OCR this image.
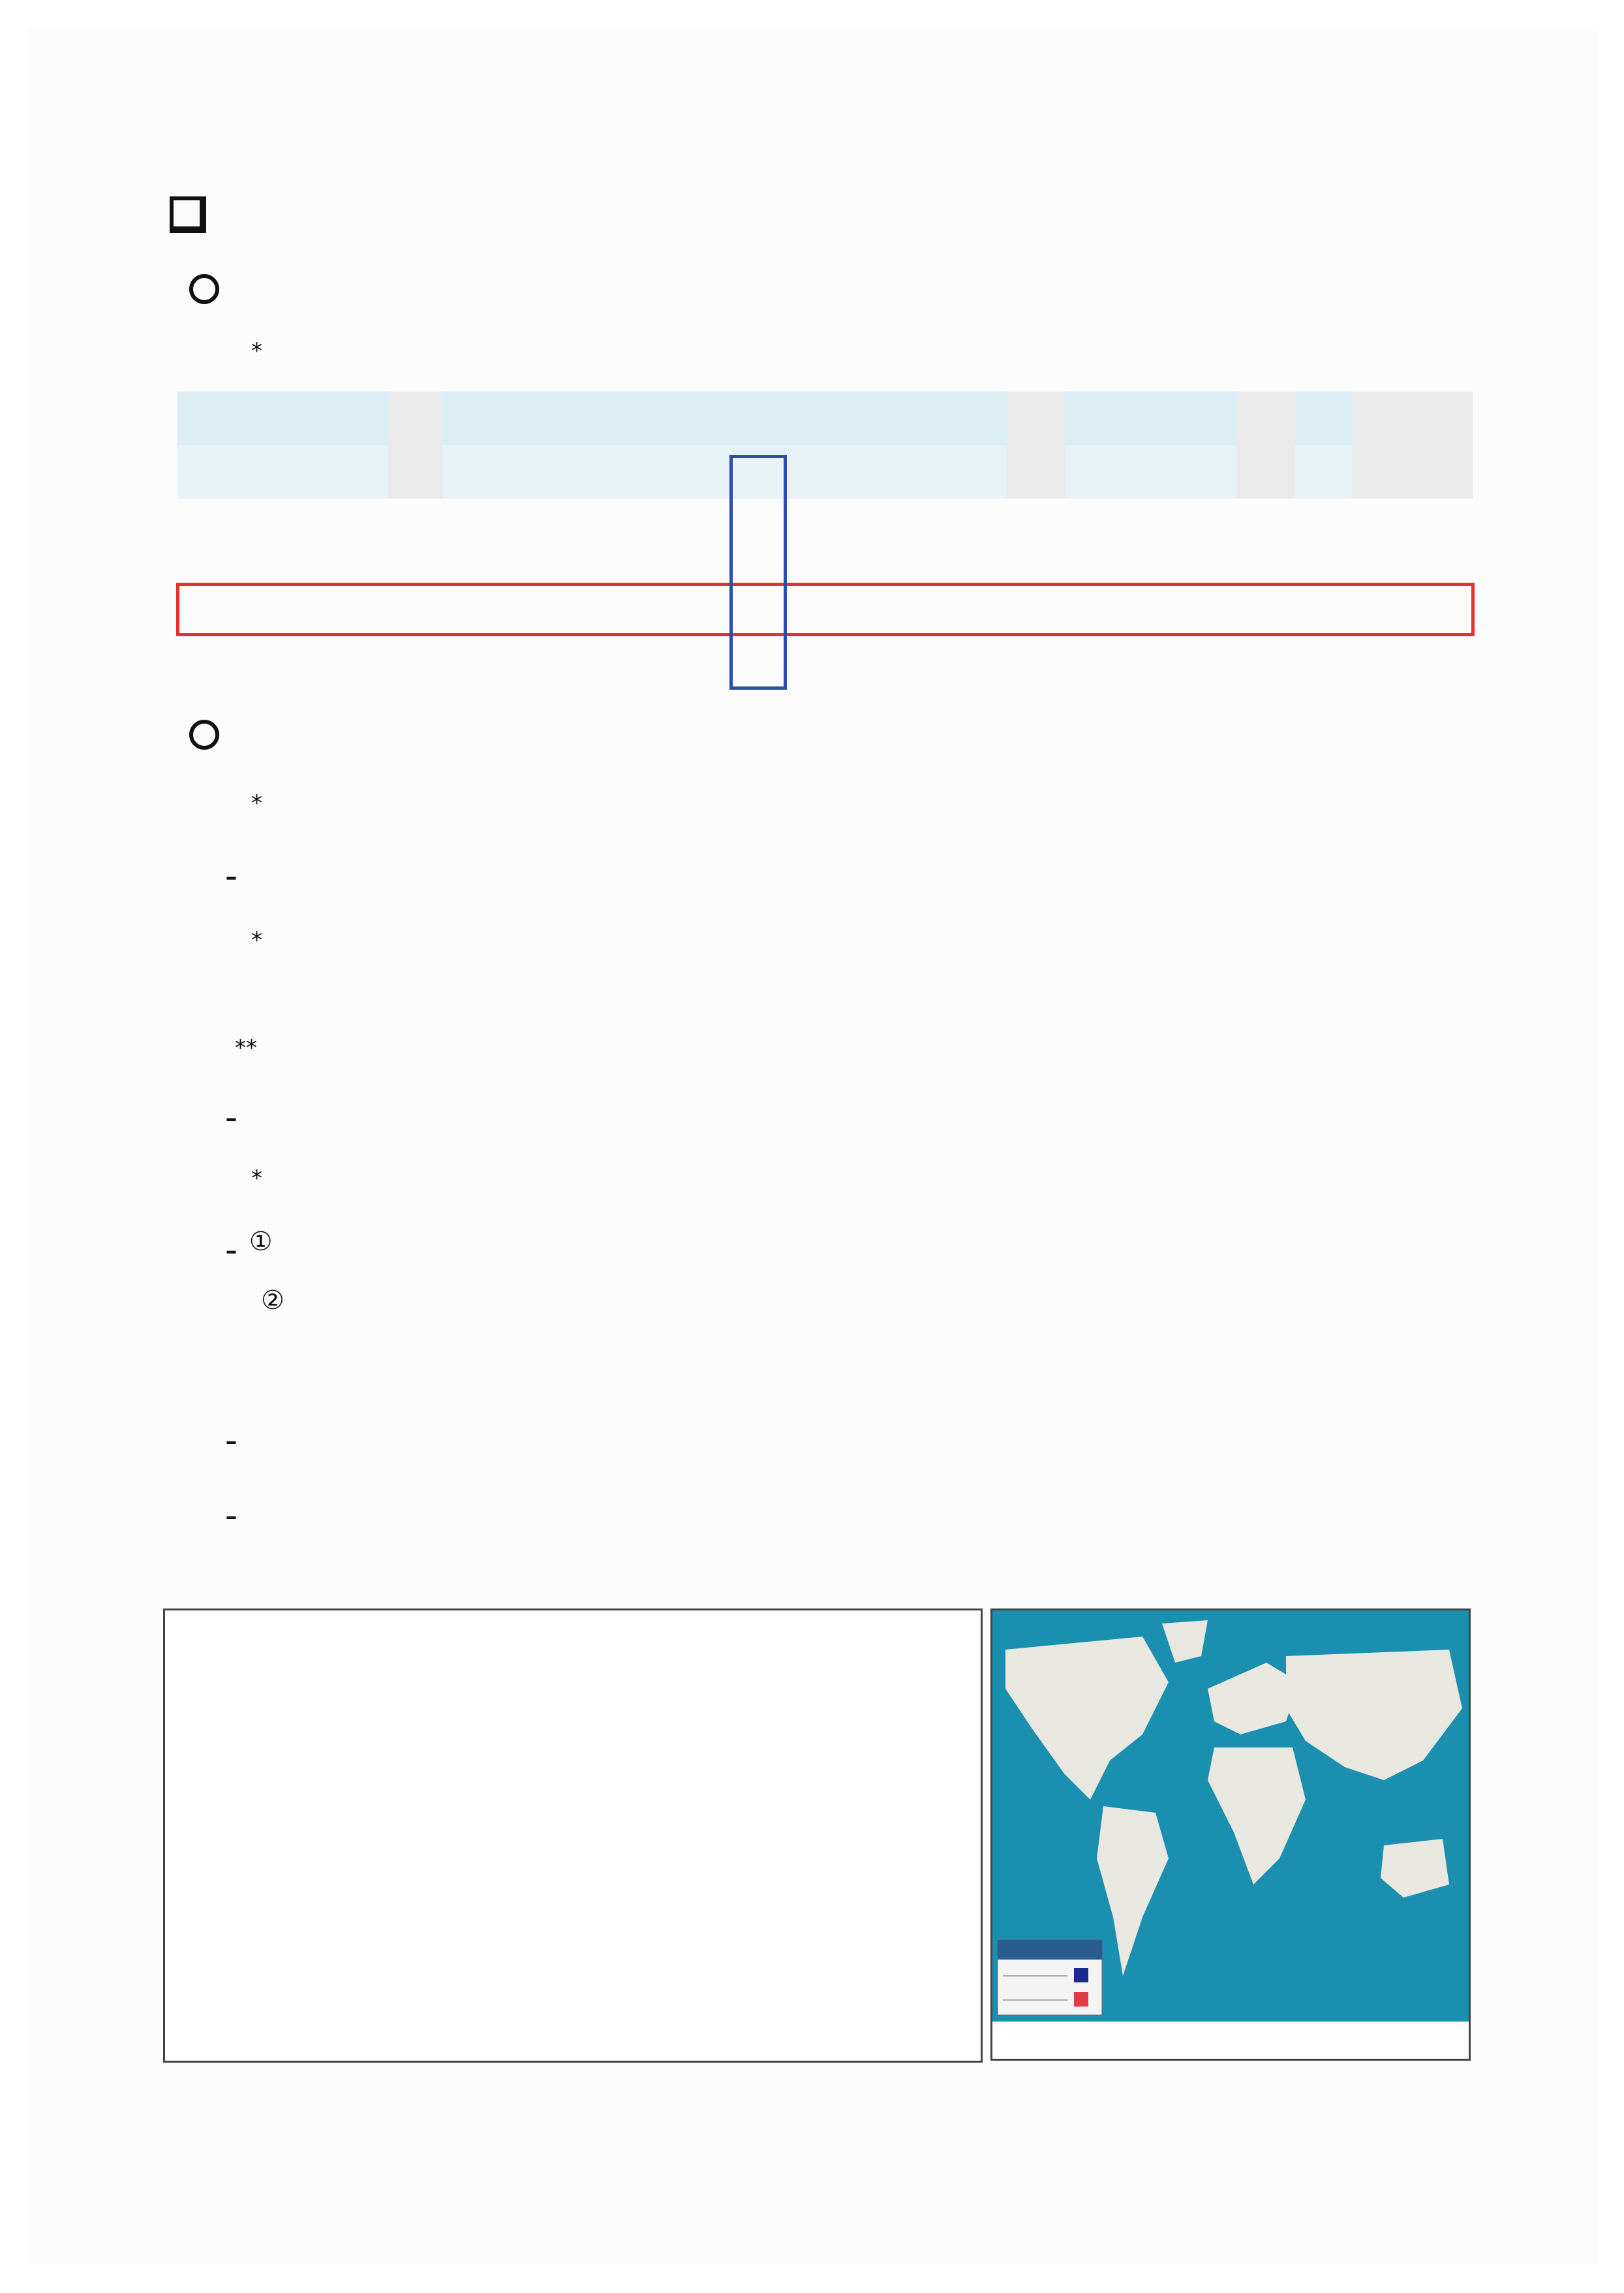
*

*
-
*
**
-
*
- ①
②
-
-
